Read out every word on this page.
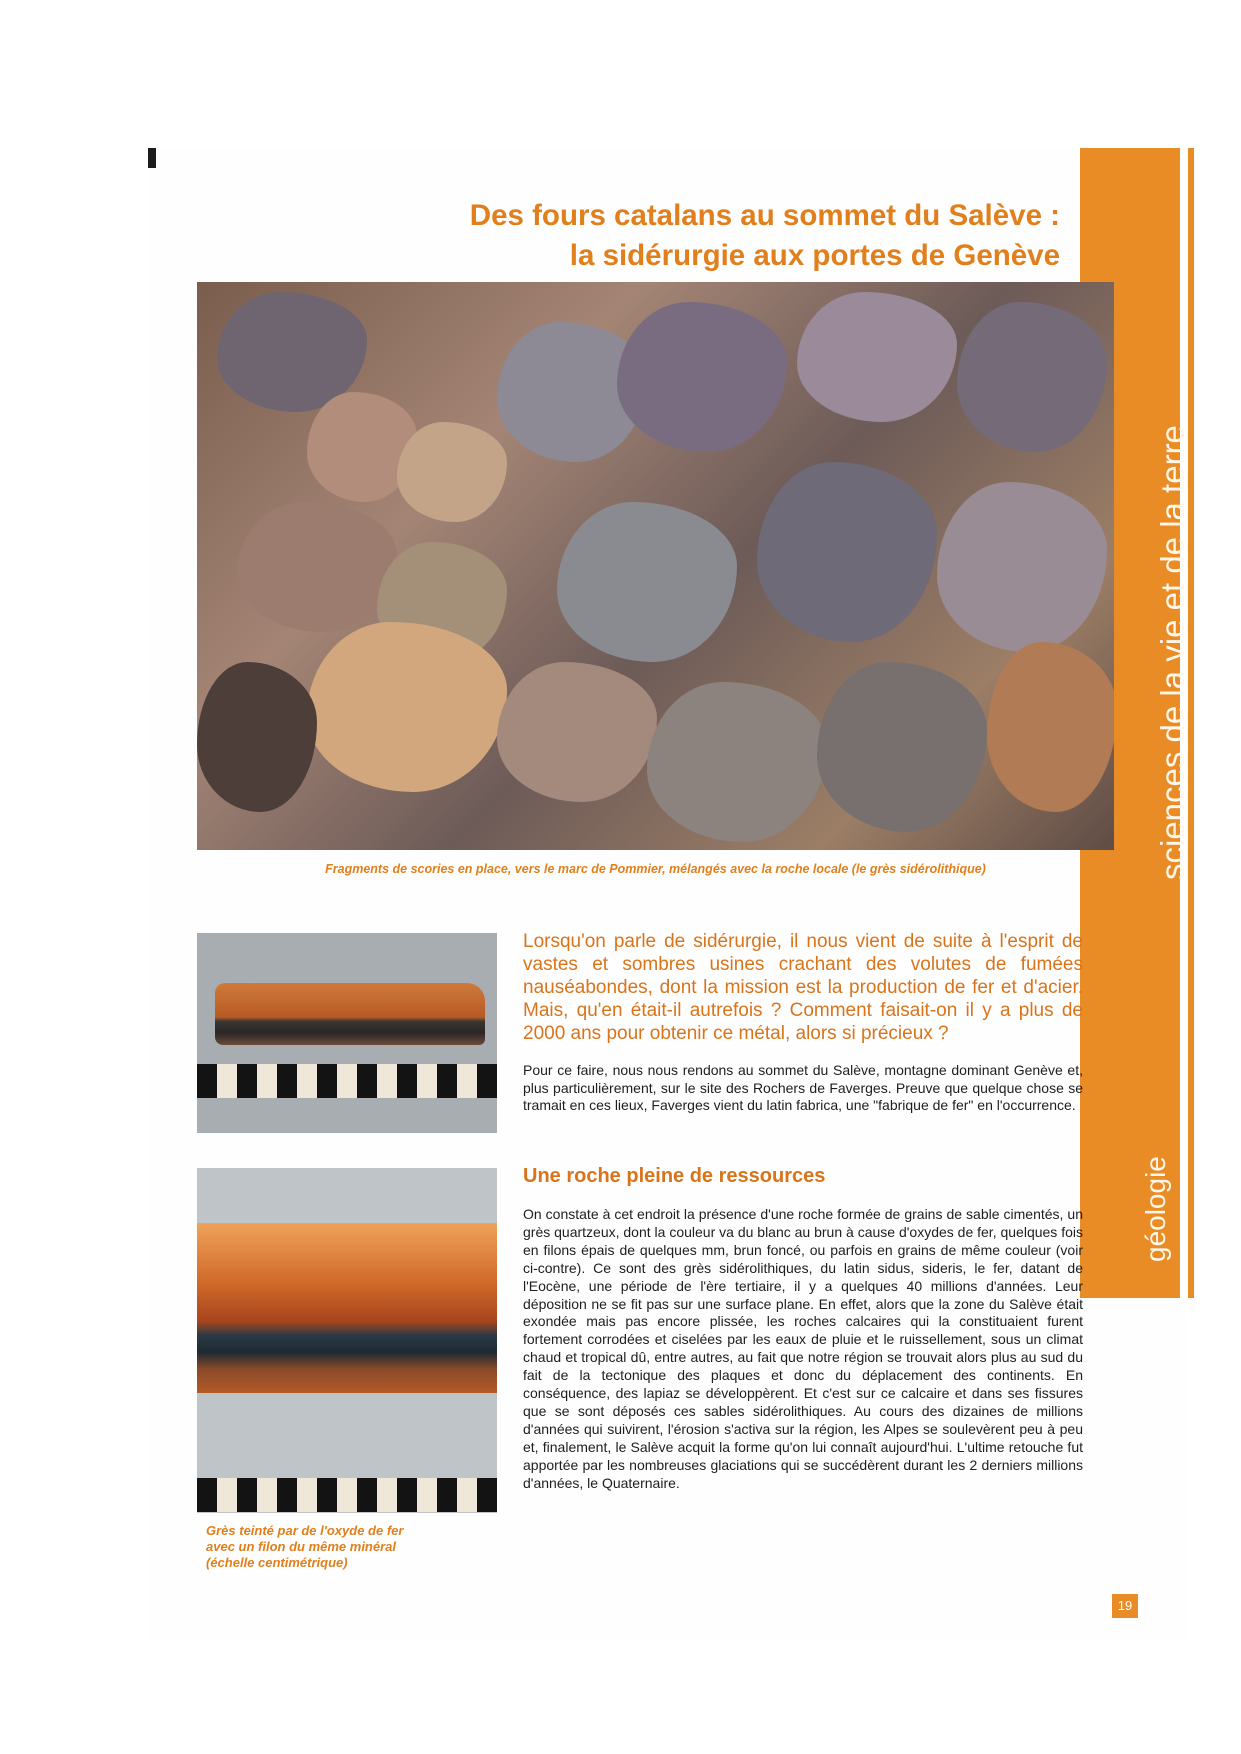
sciences de la vie et de la terre
géologie
Des fours catalans au sommet du Salève :
la sidérurgie aux portes de Genève
Fragments de scories en place, vers le marc de Pommier, mélangés avec la roche locale (le grès sidérolithique)
Grès teinté par de l'oxyde de fer
avec un filon du même minéral
(échelle centimétrique)
Lorsqu'on parle de sidérurgie, il nous vient de suite à l'esprit de vastes et sombres usines crachant des volutes de fumées nauséabondes, dont la mission est la production de fer et d'acier. Mais, qu'en était-il autrefois ? Comment faisait-on il y a plus de 2000 ans pour obtenir ce métal, alors si précieux ?
Pour ce faire, nous nous rendons au sommet du Salève, montagne dominant Genève et, plus particulièrement, sur le site des Rochers de Faverges. Preuve que quelque chose se tramait en ces lieux, Faverges vient du latin fabrica, une "fabrique de fer" en l'occurrence.
Une roche pleine de ressources
On constate à cet endroit la présence d'une roche formée de grains de sable cimentés, un grès quartzeux, dont la couleur va du blanc au brun à cause d'oxydes de fer, quelques fois en filons épais de quelques mm, brun foncé, ou parfois en grains de même couleur (voir ci-contre). Ce sont des grès sidérolithiques, du latin sidus, sideris, le fer, datant de l'Eocène, une période de l'ère tertiaire, il y a quelques 40 millions d'années. Leur déposition ne se fit pas sur une surface plane. En effet, alors que la zone du Salève était exondée mais pas encore plissée, les roches calcaires qui la constituaient furent fortement corrodées et ciselées par les eaux de pluie et le ruissellement, sous un climat chaud et tropical dû, entre autres, au fait que notre région se trouvait alors plus au sud du fait de la tectonique des plaques et donc du déplacement des continents. En conséquence, des lapiaz se développèrent. Et c'est sur ce calcaire et dans ses fissures que se sont déposés ces sables sidérolithiques. Au cours des dizaines de millions d'années qui suivirent, l'érosion s'activa sur la région, les Alpes se soulevèrent peu à peu et, finalement, le Salève acquit la forme qu'on lui connaît aujourd'hui. L'ultime retouche fut apportée par les nombreuses glaciations qui se succédèrent durant les 2 derniers millions d'années, le Quaternaire.
19
